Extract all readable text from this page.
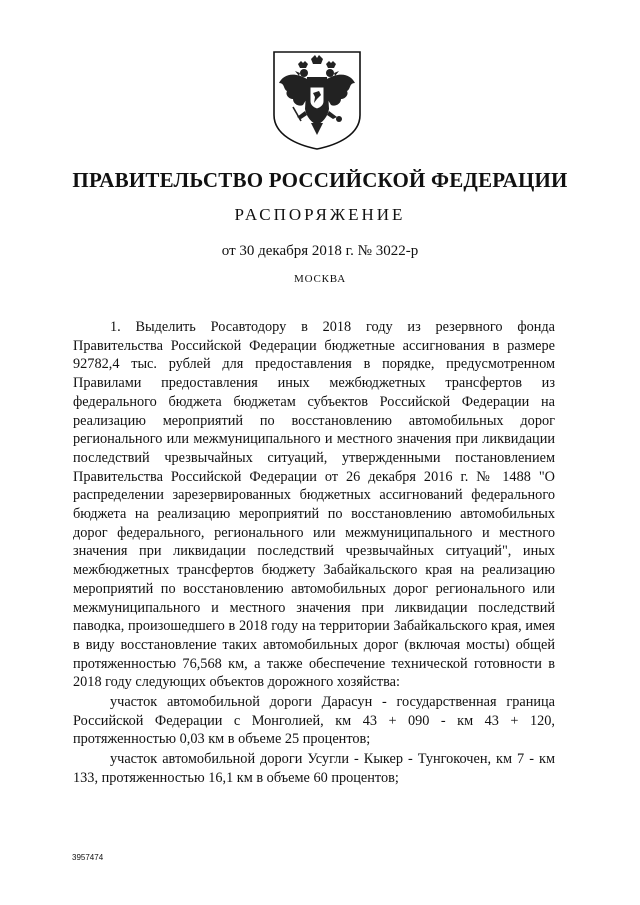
ПРАВИТЕЛЬСТВО РОССИЙСКОЙ ФЕДЕРАЦИИ
РАСПОРЯЖЕНИЕ
от 30 декабря 2018 г. № 3022-р
МОСКВА

1. Выделить Росавтодору в 2018 году из резервного фонда Правительства Российской Федерации бюджетные ассигнования в размере 92782,4 тыс. рублей для предоставления в порядке, предусмотренном Правилами предоставления иных межбюджетных трансфертов из федерального бюджета бюджетам субъектов Российской Федерации на реализацию мероприятий по восстановлению автомобильных дорог регионального или межмуниципального и местного значения при ликвидации последствий чрезвычайных ситуаций, утвержденными постановлением Правительства Российской Федерации от 26 декабря 2016 г. № 1488 "О распределении зарезервированных бюджетных ассигнований федерального бюджета на реализацию мероприятий по восстановлению автомобильных дорог федерального, регионального или межмуниципального и местного значения при ликвидации последствий чрезвычайных ситуаций", иных межбюджетных трансфертов бюджету Забайкальского края на реализацию мероприятий по восстановлению автомобильных дорог регионального или межмуниципального и местного значения при ликвидации последствий паводка, произошедшего в 2018 году на территории Забайкальского края, имея в виду восстановление таких автомобильных дорог (включая мосты) общей протяженностью 76,568 км, а также обеспечение технической готовности в 2018 году следующих объектов дорожного хозяйства:

участок автомобильной дороги Дарасун - государственная граница Российской Федерации с Монголией, км 43 + 090 - км 43 + 120, протяженностью 0,03 км в объеме 25 процентов;

участок автомобильной дороги Усугли - Кыкер - Тунгокочен, км 7 - км 133, протяженностью 16,1 км в объеме 60 процентов;

3957474
